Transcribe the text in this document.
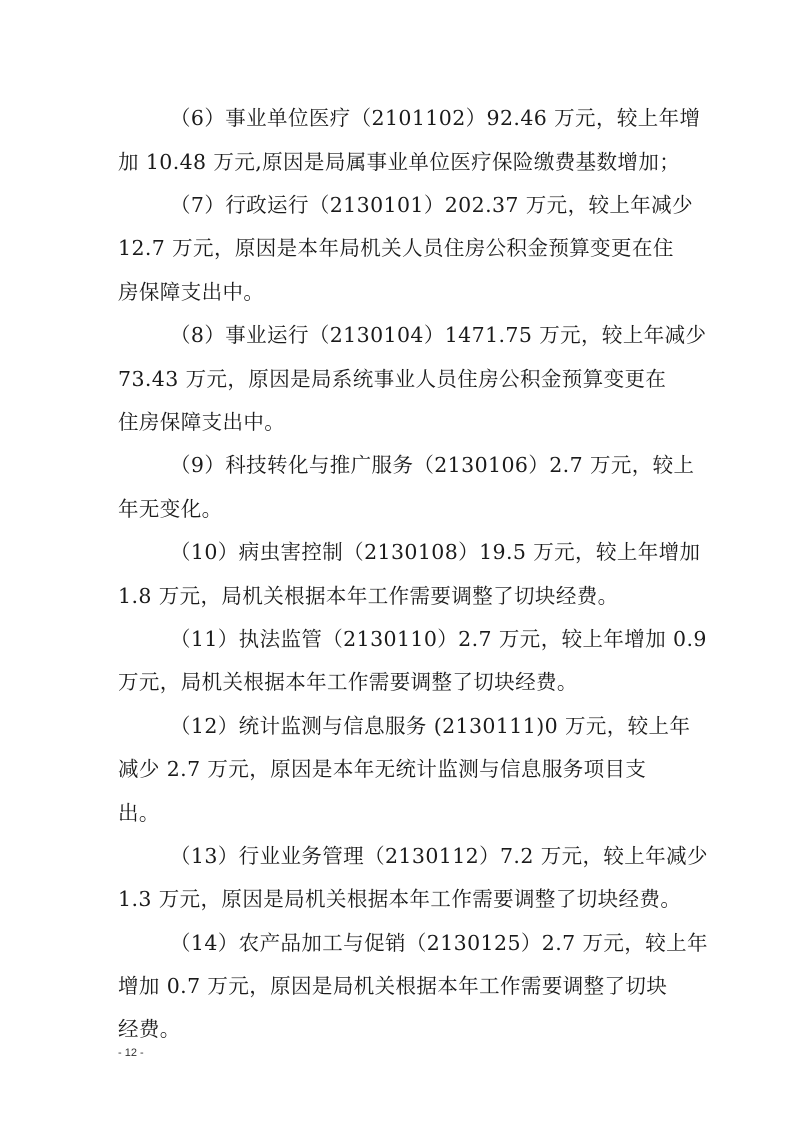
（6）事业单位医疗（2101102）92.46 万元，较上年增
加 10.48 万元,原因是局属事业单位医疗保险缴费基数增加；
（7）行政运行（2130101）202.37 万元，较上年减少
12.7 万元，原因是本年局机关人员住房公积金预算变更在住
房保障支出中。
（8）事业运行（2130104）1471.75 万元，较上年减少
73.43 万元，原因是局系统事业人员住房公积金预算变更在
住房保障支出中。
（9）科技转化与推广服务（2130106）2.7 万元，较上
年无变化。
（10）病虫害控制（2130108）19.5 万元，较上年增加
1.8 万元，局机关根据本年工作需要调整了切块经费。
（11）执法监管（2130110）2.7 万元，较上年增加 0.9
万元，局机关根据本年工作需要调整了切块经费。
（12）统计监测与信息服务 (2130111)0 万元，较上年
减少 2.7 万元，原因是本年无统计监测与信息服务项目支
出。
（13）行业业务管理（2130112）7.2 万元，较上年减少
1.3 万元，原因是局机关根据本年工作需要调整了切块经费。
（14）农产品加工与促销（2130125）2.7 万元，较上年
增加 0.7 万元，原因是局机关根据本年工作需要调整了切块
经费。
- 12 -
